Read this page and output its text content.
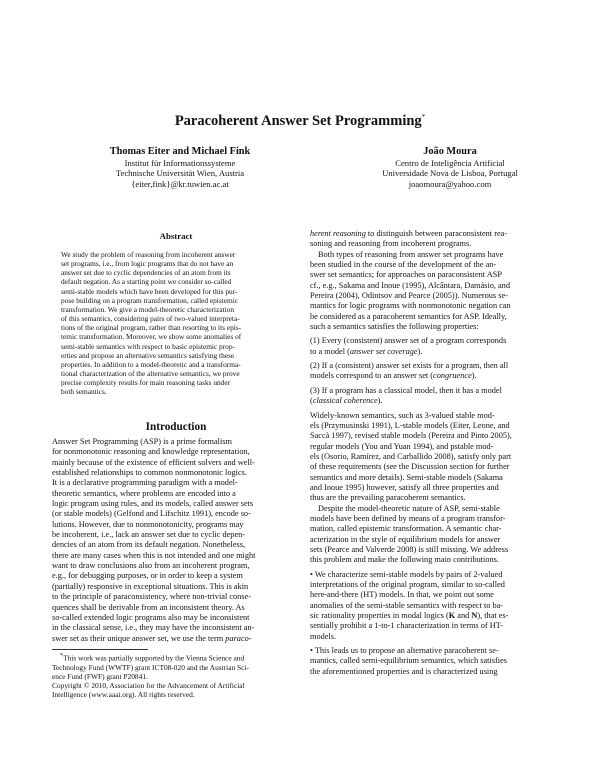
Paracoherent Answer Set Programming*
Thomas Eiter and Michael Fink
Institut für Informationssysteme
Technische Universität Wien, Austria
{eiter,fink}@kr.tuwien.ac.at
João Moura
Centro de Inteligência Artificial
Universidade Nova de Lisboa, Portugal
joaomoura@yahoo.com
Abstract

We study the problem of reasoning from incoherent answer

set programs, i.e., from logic programs that do not have an

answer set due to cyclic dependencies of an atom from its

default negation. As a starting point we consider so-called

semi-stable models which have been developed for this pur-

pose building on a program transformation, called epistemic

transformation. We give a model-theoretic characterization

of this semantics, considering pairs of two-valued interpreta-

tions of the original program, rather than resorting to its epis-

temic transformation. Moreover, we show some anomalies of

semi-stable semantics with respect to basic epistemic prop-

erties and propose an alternative semantics satisfying these

properties. In addition to a model-theoretic and a transforma-

tional characterization of the alternative semantics, we prove

precise complexity results for main reasoning tasks under

both semantics.

Introduction

Answer Set Programming (ASP) is a prime formalism

for nonmonotonic reasoning and knowledge representation,

mainly because of the existence of efficient solvers and well-

established relationships to common nonmonotonic logics.

It is a declarative programming paradigm with a model-

theoretic semantics, where problems are encoded into a

logic program using rules, and its models, called answer sets

(or stable models) (Gelfond and Lifschitz 1991), encode so-

lutions. However, due to nonmonotonicity, programs may

be incoherent, i.e., lack an answer set due to cyclic depen-

dencies of an atom from its default negation. Nonetheless,

there are many cases when this is not intended and one might

want to draw conclusions also from an incoherent program,

e.g., for debugging purposes, or in order to keep a system

(partially) responsive in exceptional situations. This is akin

to the principle of paraconsistency, where non-trivial conse-

quences shall be derivable from an inconsistent theory. As

so-called extended logic programs also may be inconsistent

in the classical sense, i.e., they may have the inconsistent an-

swer set as their unique answer set, we use the term paraco-

*This work was partially supported by the Vienna Science and

Technology Fund (WWTF) grant ICT08-020 and the Austrian Sci-

ence Fund (FWF) grant P20841.

Copyright © 2010, Association for the Advancement of Artificial

Intelligence (www.aaai.org). All rights reserved.

herent reasoning to distinguish between paraconsistent rea-

soning and reasoning from incoherent programs.

Both types of reasoning from answer set programs have

been studied in the course of the development of the an-

swer set semantics; for approaches on paraconsistent ASP

cf., e.g., Sakama and Inoue (1995), Alcântara, Damásio, and

Pereira (2004), Odintsov and Pearce (2005)). Numerous se-

mantics for logic programs with nonmonotonic negation can

be considered as a paracoherent semantics for ASP. Ideally,

such a semantics satisfies the following properties:

(1) Every (consistent) answer set of a program corresponds

to a model (answer set coverage).

(2) If a (consistent) answer set exists for a program, then all

models correspond to an answer set (congruence).

(3) If a program has a classical model, then it has a model

(classical coherence).

Widely-known semantics, such as 3-valued stable mod-

els (Przymusinski 1991), L-stable models (Eiter, Leone, and

Saccà 1997), revised stable models (Pereira and Pinto 2005),

regular models (You and Yuan 1994), and pstable mod-

els (Osorio, Ramírez, and Carballido 2008), satisfy only part

of these requirements (see the Discussion section for further

semantics and more details). Semi-stable models (Sakama

and Inoue 1995) however, satisfy all three properties and

thus are the prevailing paracoherent semantics.

Despite the model-theoretic nature of ASP, semi-stable

models have been defined by means of a program transfor-

mation, called epistemic transformation. A semantic char-

acterization in the style of equilibrium models for answer

sets (Pearce and Valverde 2008) is still missing. We address

this problem and make the following main contributions.

• We characterize semi-stable models by pairs of 2-valued

interpretations of the original program, similar to so-called

here-and-there (HT) models. In that, we point out some

anomalies of the semi-stable semantics with respect to ba-

sic rationality properties in modal logics (K and N), that es-

sentially prohibit a 1-to-1 characterization in terms of HT-

models.

• This leads us to propose an alternative paracoherent se-

mantics, called semi-equilibrium semantics, which satisfies

the aforementioned properties and is characterized using
